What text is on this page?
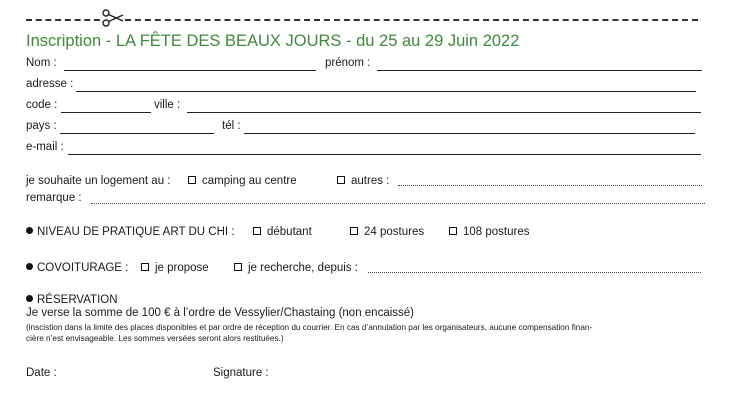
Inscription - LA FÊTE DES BEAUX JOURS - du 25 au 29 Juin 2022
Nom :	prénom :
adresse :
code :	ville :
pays :	tél :
e-mail :
je souhaite un logement au :	camping au centre	autres :
remarque :
NIVEAU DE PRATIQUE ART DU CHI :	débutant	24 postures	108 postures
COVOITURAGE :	je propose	je recherche, depuis :
RÉSERVATION
Je verse la somme de 100 € à l’ordre de Vessylier/Chastaing (non encaissé)
(inscistion dans la limite des places disponibles et par ordre de réception du courrier. En cas d’annulation par les organisateurs, aucune compensation finan-
cière n’est envisageable. Les sommes versées seront alors restituées.)
Date :	Signature :
